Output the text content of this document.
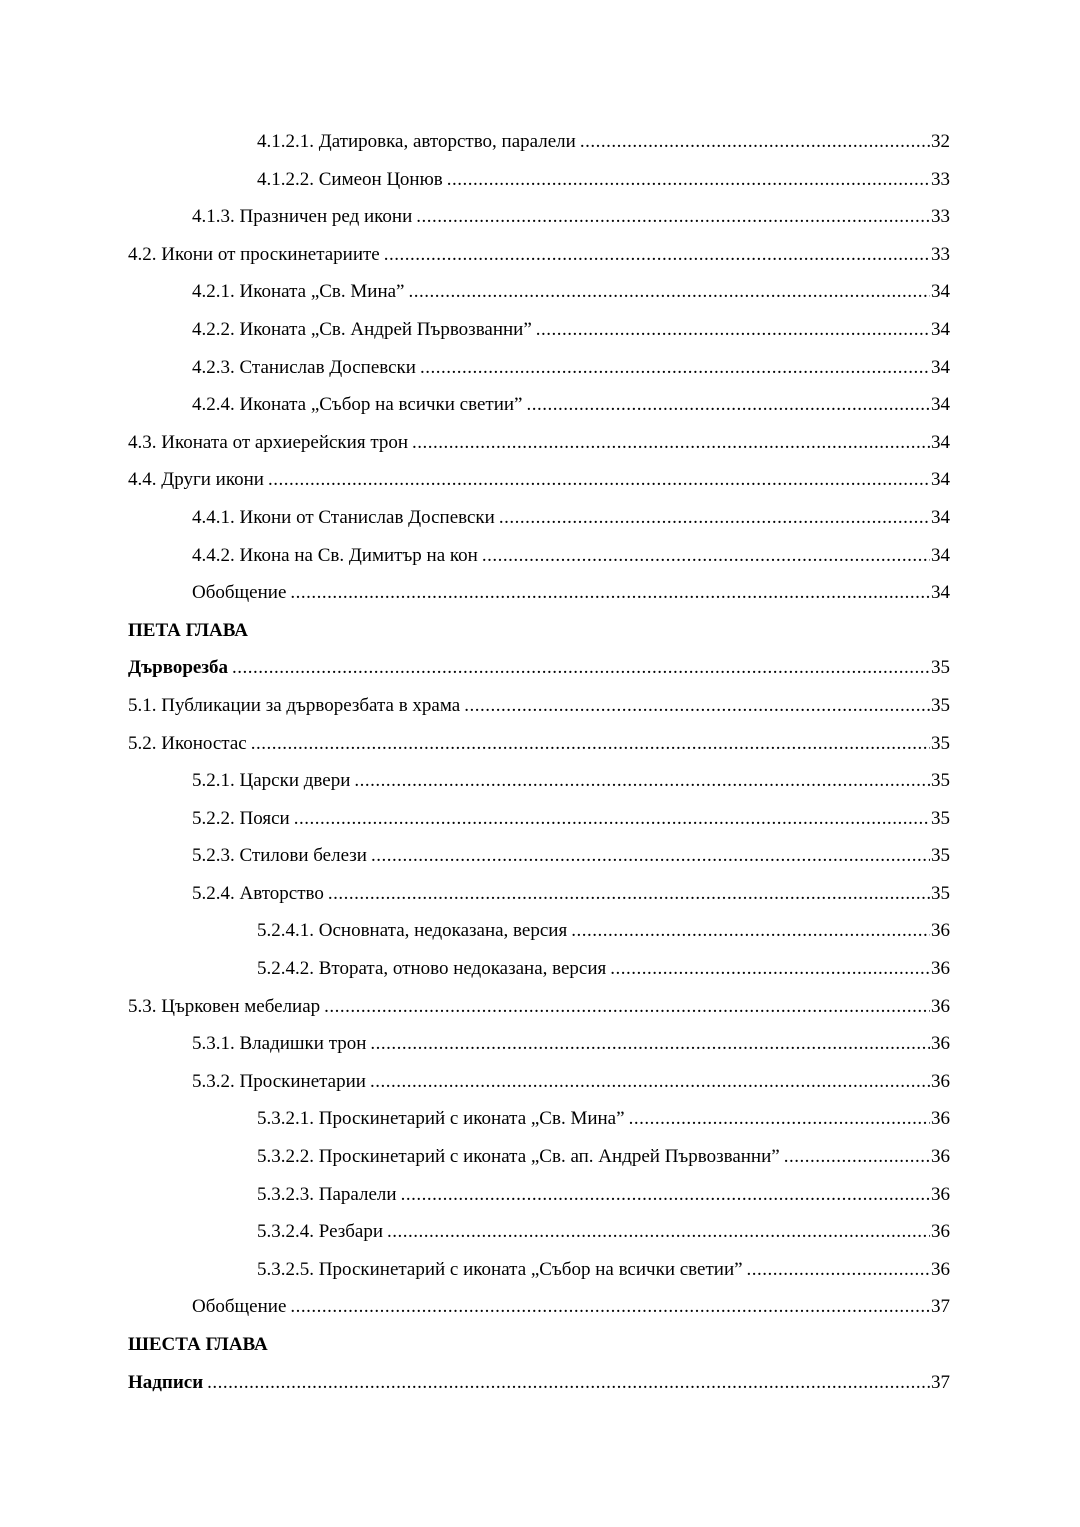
4.1.2.1. Датировка, авторство, паралели .....	32
4.1.2.2. Симеон Цонюв .....	33
4.1.3. Празничен ред икони .....	33
4.2. Икони от проскинетариите .....	33
4.2.1. Иконата „Св. Мина” .....	34
4.2.2. Иконата „Св. Андрей Първозванни” .....	34
4.2.3. Станислав Доспевски .....	34
4.2.4. Иконата „Събор на всички светии” .....	34
4.3. Иконата от архиерейския трон .....	34
4.4. Други икони .....	34
4.4.1. Икони от Станислав Доспевски .....	34
4.4.2. Икона на Св. Димитър на кон .....	34
Обобщение .....	34
ПЕТА ГЛАВА
Дърворезба .....	35
5.1. Публикации за дърворезбата в храма .....	35
5.2. Иконостас .....	35
5.2.1. Царски двери .....	35
5.2.2. Пояси .....	35
5.2.3. Стилови белези .....	35
5.2.4. Авторство .....	35
5.2.4.1. Основната, недоказана, версия .....	36
5.2.4.2. Втората, отново недоказана, версия .....	36
5.3. Църковен мебелиар .....	36
5.3.1. Владишки трон .....	36
5.3.2. Проскинетарии .....	36
5.3.2.1. Проскинетарий с иконата „Св. Мина” .....	36
5.3.2.2. Проскинетарий с иконата „Св. ап. Андрей Първозванни” .....	36
5.3.2.3. Паралели .....	36
5.3.2.4. Резбари .....	36
5.3.2.5. Проскинетарий с иконата „Събор на всички светии” .....	36
Обобщение .....	37
ШЕСТА ГЛАВА
Надписи .....	37
